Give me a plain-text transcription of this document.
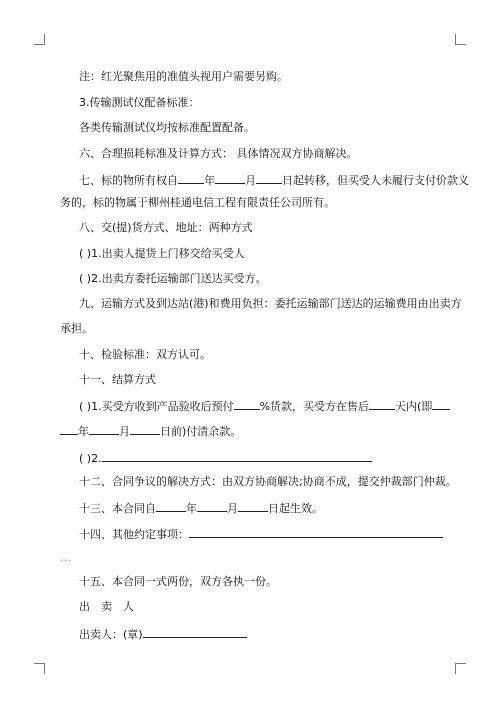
注：红光聚焦用的准值头视用户需要另购。
3.传输测试仪配备标准：
各类传输测试仪均按标准配置配备。
六、合理损耗标准及计算方式： 具体情况双方协商解决。
七、标的物所有权自 年	月 日起转移，但买受人未履行支付价款义
务的，标的物属于柳州桂通电信工程有限责任公司所有。
八、交(提)货方式、地址：两种方式
( )1.出卖人提货上门移交给买受人
( )2.出卖方委托运输部门送达买受方。
九、运输方式及到达站(港)和费用负担：委托运输部门送达的运输费用由出卖方
承担。
十、检验标准：双方认可。
十一、结算方式
( )1.买受方收到产品验收后预付 %货款，买受方在售后 天内(即
年	月	日前)付清余款。
( )2.
十二、合同争议的解决方式：由双方协商解决;协商不成，提交仲裁部门仲裁。
十三、本合同自	年	月	日起生效。
十四、其他约定事项：
…
十五、本合同一式两份，双方各执一份。
出　卖　人
出卖人：(章)
